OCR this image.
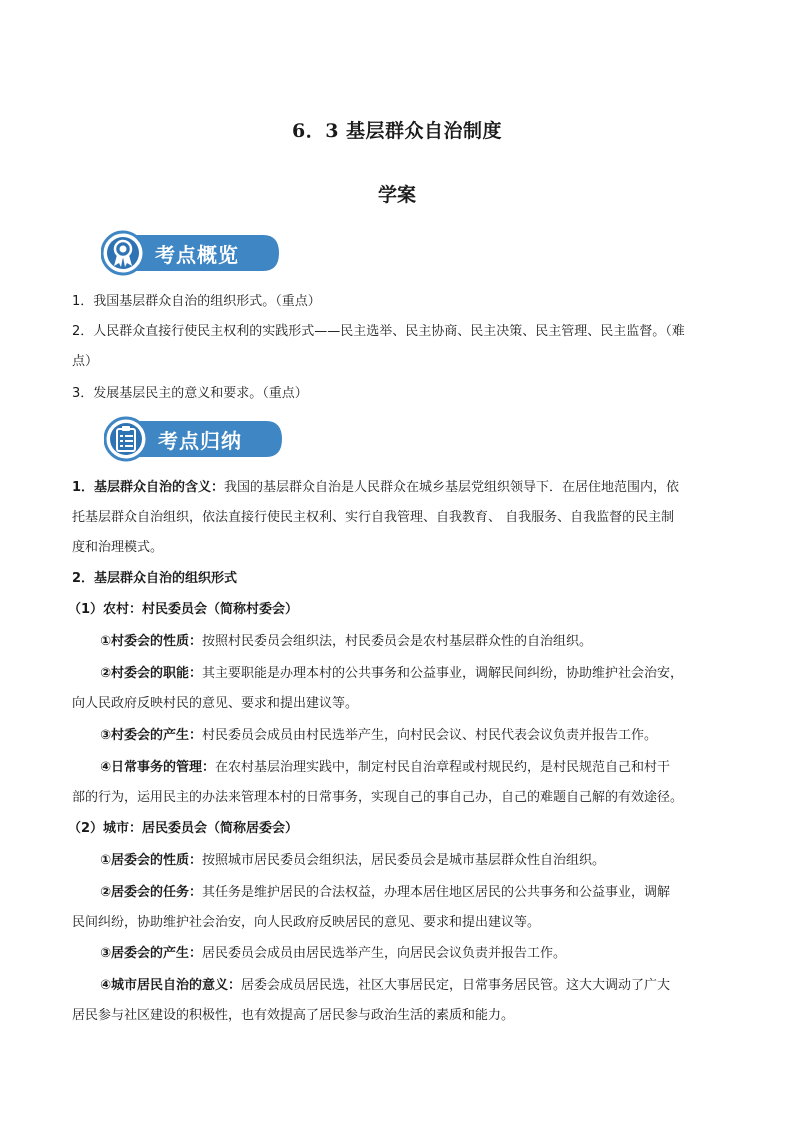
6．3 基层群众自治制度
学案
考点概览
1．我国基层群众自治的组织形式。（重点）
2．人民群众直接行使民主权利的实践形式——民主选举、民主协商、民主决策、民主管理、民主监督。（难
点）
3．发展基层民主的意义和要求。（重点）
考点归纳
1．基层群众自治的含义：我国的基层群众自治是人民群众在城乡基层党组织领导下．在居住地范围内，依
托基层群众自治组织，依法直接行使民主权利、实行自我管理、自我教育、 自我服务、自我监督的民主制
度和治理模式。
2．基层群众自治的组织形式
（1）农村：村民委员会（简称村委会）
①村委会的性质：按照村民委员会组织法，村民委员会是农村基层群众性的自治组织。
②村委会的职能：其主要职能是办理本村的公共事务和公益事业，调解民间纠纷，协助维护社会治安，
向人民政府反映村民的意见、要求和提出建议等。
③村委会的产生：村民委员会成员由村民选举产生，向村民会议、村民代表会议负责并报告工作。
④日常事务的管理：在农村基层治理实践中，制定村民自治章程或村规民约，是村民规范自己和村干
部的行为，运用民主的办法来管理本村的日常事务，实现自己的事自己办，自己的难题自己解的有效途径。
（2）城市：居民委员会（简称居委会）
①居委会的性质：按照城市居民委员会组织法，居民委员会是城市基层群众性自治组织。
②居委会的任务：其任务是维护居民的合法权益，办理本居住地区居民的公共事务和公益事业，调解
民间纠纷，协助维护社会治安，向人民政府反映居民的意见、要求和提出建议等。
③居委会的产生：居民委员会成员由居民选举产生，向居民会议负责并报告工作。
④城市居民自治的意义：居委会成员居民选，社区大事居民定，日常事务居民管。这大大调动了广大
居民参与社区建设的积极性，也有效提高了居民参与政治生活的素质和能力。
